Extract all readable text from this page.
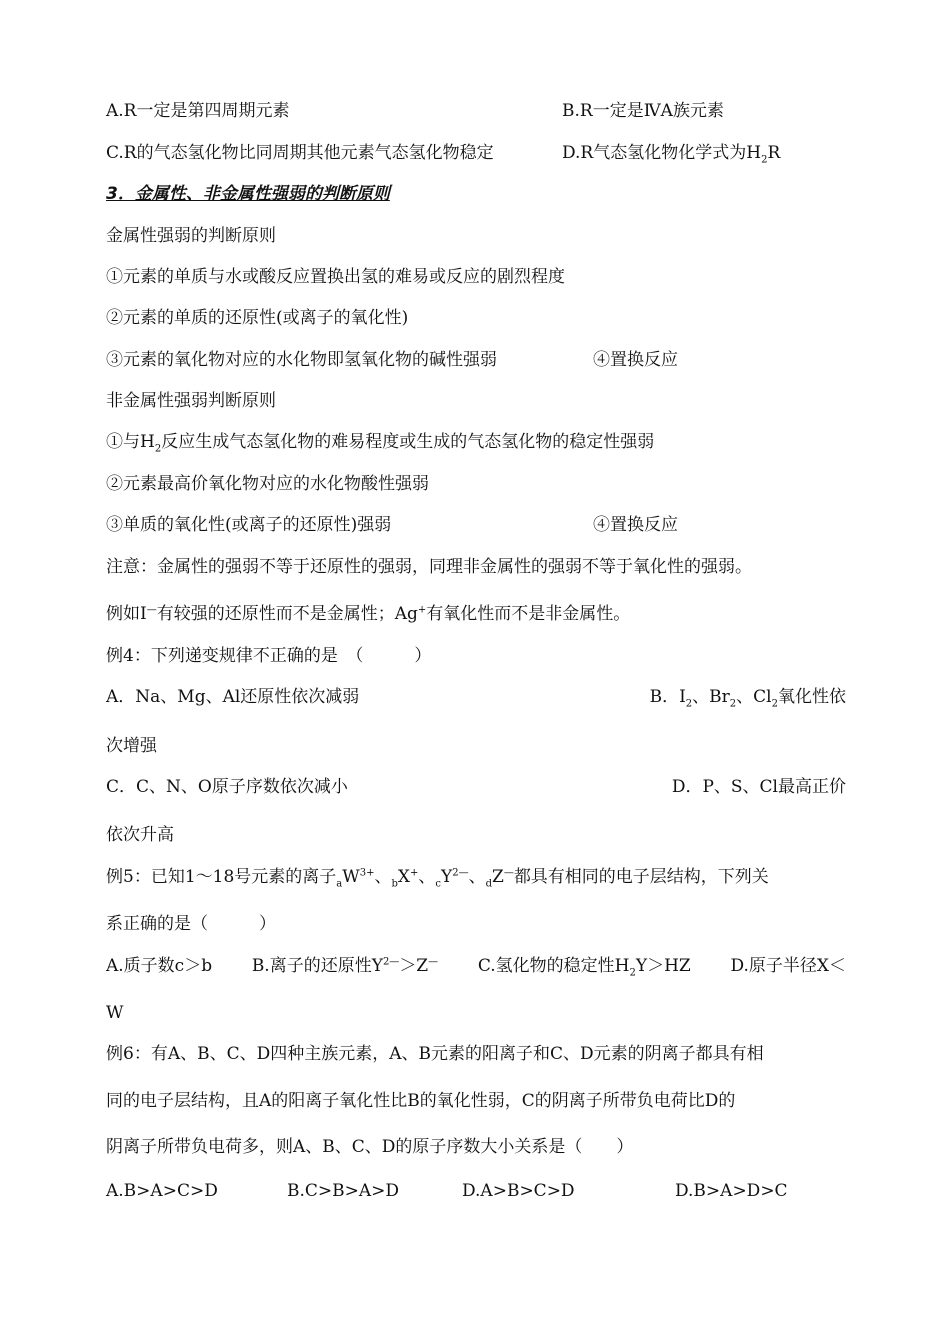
A.R一定是第四周期元素	B.R一定是ⅣA族元素
C.R的气态氢化物比同周期其他元素气态氢化物稳定	D.R气态氢化物化学式为$H_2R$
3．金属性、非金属性强弱的判断原则
金属性强弱的判断原则
①元素的单质与水或酸反应置换出氢的难易或反应的剧烈程度
②元素的单质的还原性(或离子的氧化性)
③元素的氧化物对应的水化物即氢氧化物的碱性强弱	④置换反应
非金属性强弱判断原则
①与$H_2$反应生成气态氢化物的难易程度或生成的气态氢化物的稳定性强弱
②元素最高价氧化物对应的水化物酸性强弱
③单质的氧化性(或离子的还原性)强弱	④置换反应
注意：金属性的强弱不等于还原性的强弱，同理非金属性的强弱不等于氧化性的强弱。
例如I—有较强的还原性而不是金属性；Ag+有氧化性而不是非金属性。
例4：下列递变规律不正确的是　（　　　）
A．Na、Mg、Al还原性依次减弱	B．$I_2$、$Br_2$、$Cl_2$氧化性依
次增强
C．C、N、O原子序数依次减小	D．P、S、Cl最高正价
依次升高
例5：已知1～18号元素的离子$_aW^{3+}$、$_b$X+、$_cY^{2—}$、$_d$Z—都具有相同的电子层结构，下列关
系正确的是（　　　）
A.质子数c＞b B.离子的还原性$Y^{2—}>Z^—$ C.氢化物的稳定性$H_2Y>HZ$ D.原子半径X＜
W
例6：有A、B、C、D四种主族元素，A、B元素的阳离子和C、D元素的阴离子都具有相
同的电子层结构，且A的阳离子氧化性比B的氧化性弱，C的阴离子所带负电荷比D的
阴离子所带负电荷多，则A、B、C、D的原子序数大小关系是（　　）
A.B>A>C>D	B.C>B>A>D	D.A>B>C>D	D.B>A>D>C
